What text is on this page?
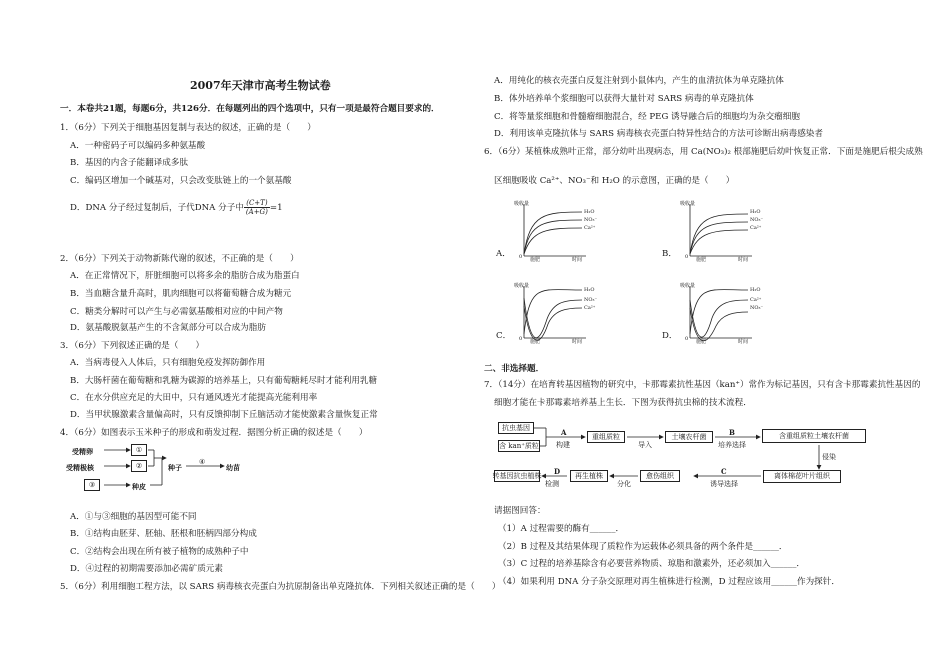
2007年天津市高考生物试卷
一．本卷共21题，每题6分，共126分．在每题列出的四个选项中，只有一项是最符合题目要求的．
1．（6分）下列关于细胞基因复制与表达的叙述，正确的是（　　）
A．一种密码子可以编码多种氨基酸
B．基因的内含子能翻译成多肽
C．编码区增加一个碱基对，只会改变肽链上的一个氨基酸
D．DNA 分子经过复制后，子代DNA 分子中 $\frac{(C+T)}{(A+G)} =1$
2．（6分）下列关于动物新陈代谢的叙述，不正确的是（　　）
A．在正常情况下，肝脏细胞可以将多余的脂肪合成为脂蛋白
B．当血糖含量升高时，肌肉细胞可以将葡萄糖合成为糖元
C．糖类分解时可以产生与必需氨基酸相对应的中间产物
D．氨基酸脱氨基产生的不含氮部分可以合成为脂肪
3．（6分）下列叙述正确的是（　　）
A．当病毒侵入人体后，只有细胞免疫发挥防御作用
B．大肠杆菌在葡萄糖和乳糖为碳源的培养基上，只有葡萄糖耗尽时才能利用乳糖
C．在水分供应充足的大田中，只有通风透光才能提高光能利用率
D．当甲状腺激素含量偏高时，只有反馈抑制下丘脑活动才能使激素含量恢复正常
4．（6分）如图表示玉米种子的形成和萌发过程．据图分析正确的叙述是（　　）
受精卵
受精极核
①
②
③
种子
④
幼苗
种皮
A．①与③细胞的基因型可能不同
B．①结构由胚芽、胚轴、胚根和胚柄四部分构成
C．②结构会出现在所有被子植物的成熟种子中
D．④过程的初期需要添加必需矿质元素
5．（6分）利用细胞工程方法，以 SARS 病毒核衣壳蛋白为抗原制备出单克隆抗体．下列相关叙述正确的是（　　）
A．用纯化的核衣壳蛋白反复注射到小鼠体内，产生的血清抗体为单克隆抗体
B．体外培养单个浆细胞可以获得大量针对 SARS 病毒的单克隆抗体
C．将等量浆细胞和骨髓瘤细胞混合，经 PEG 诱导融合后的细胞均为杂交瘤细胞
D．利用该单克隆抗体与 SARS 病毒核衣壳蛋白特异性结合的方法可诊断出病毒感染者
6．（6分）某植株成熟叶正常，部分幼叶出现病态，用 Ca(NO₃)₂ 根部施肥后幼叶恢复正常．下面是施肥后根尖成熟
区细胞吸收 Ca²⁺、NO₃⁻和 H₂O 的示意图，正确的是（　　）
吸收量
0 施肥	时间
H₂O
NO₃⁻
Ca²⁺
A．
吸收量
0 施肥	时间
H₂O
NO₃⁻
Ca²⁺
B．
吸收量
0 施肥	时间
H₂O
NO₃⁻
Ca²⁺
C．
吸收量
0 施肥	时间
H₂O
Ca²⁺
NO₃⁻
D．
二、非选择题．
7．（14分）在培育转基因植物的研究中，卡那霉素抗性基因（kan⁺）常作为标记基因，只有含卡那霉素抗性基因的
细胞才能在卡那霉素培养基上生长．下图为获得抗虫棉的技术流程．
抗虫基因
含 kan⁺质粒
A
构建
重组质粒
导入
土壤农杆菌	B
培养选择
含重组质粒土壤农杆菌
侵染
离体棉花叶片组织
C
诱导选择
愈伤组织
分化
再生植株
D
检测
转基因抗虫植株
请据图回答：
（1）A 过程需要的酶有______．
（2）B 过程及其结果体现了质粒作为运载体必须具备的两个条件是______．
（3）C 过程的培养基除含有必要营养物质、琼脂和激素外，还必须加入______．
（4）如果利用 DNA 分子杂交原理对再生植株进行检测，D 过程应该用______作为探针．
